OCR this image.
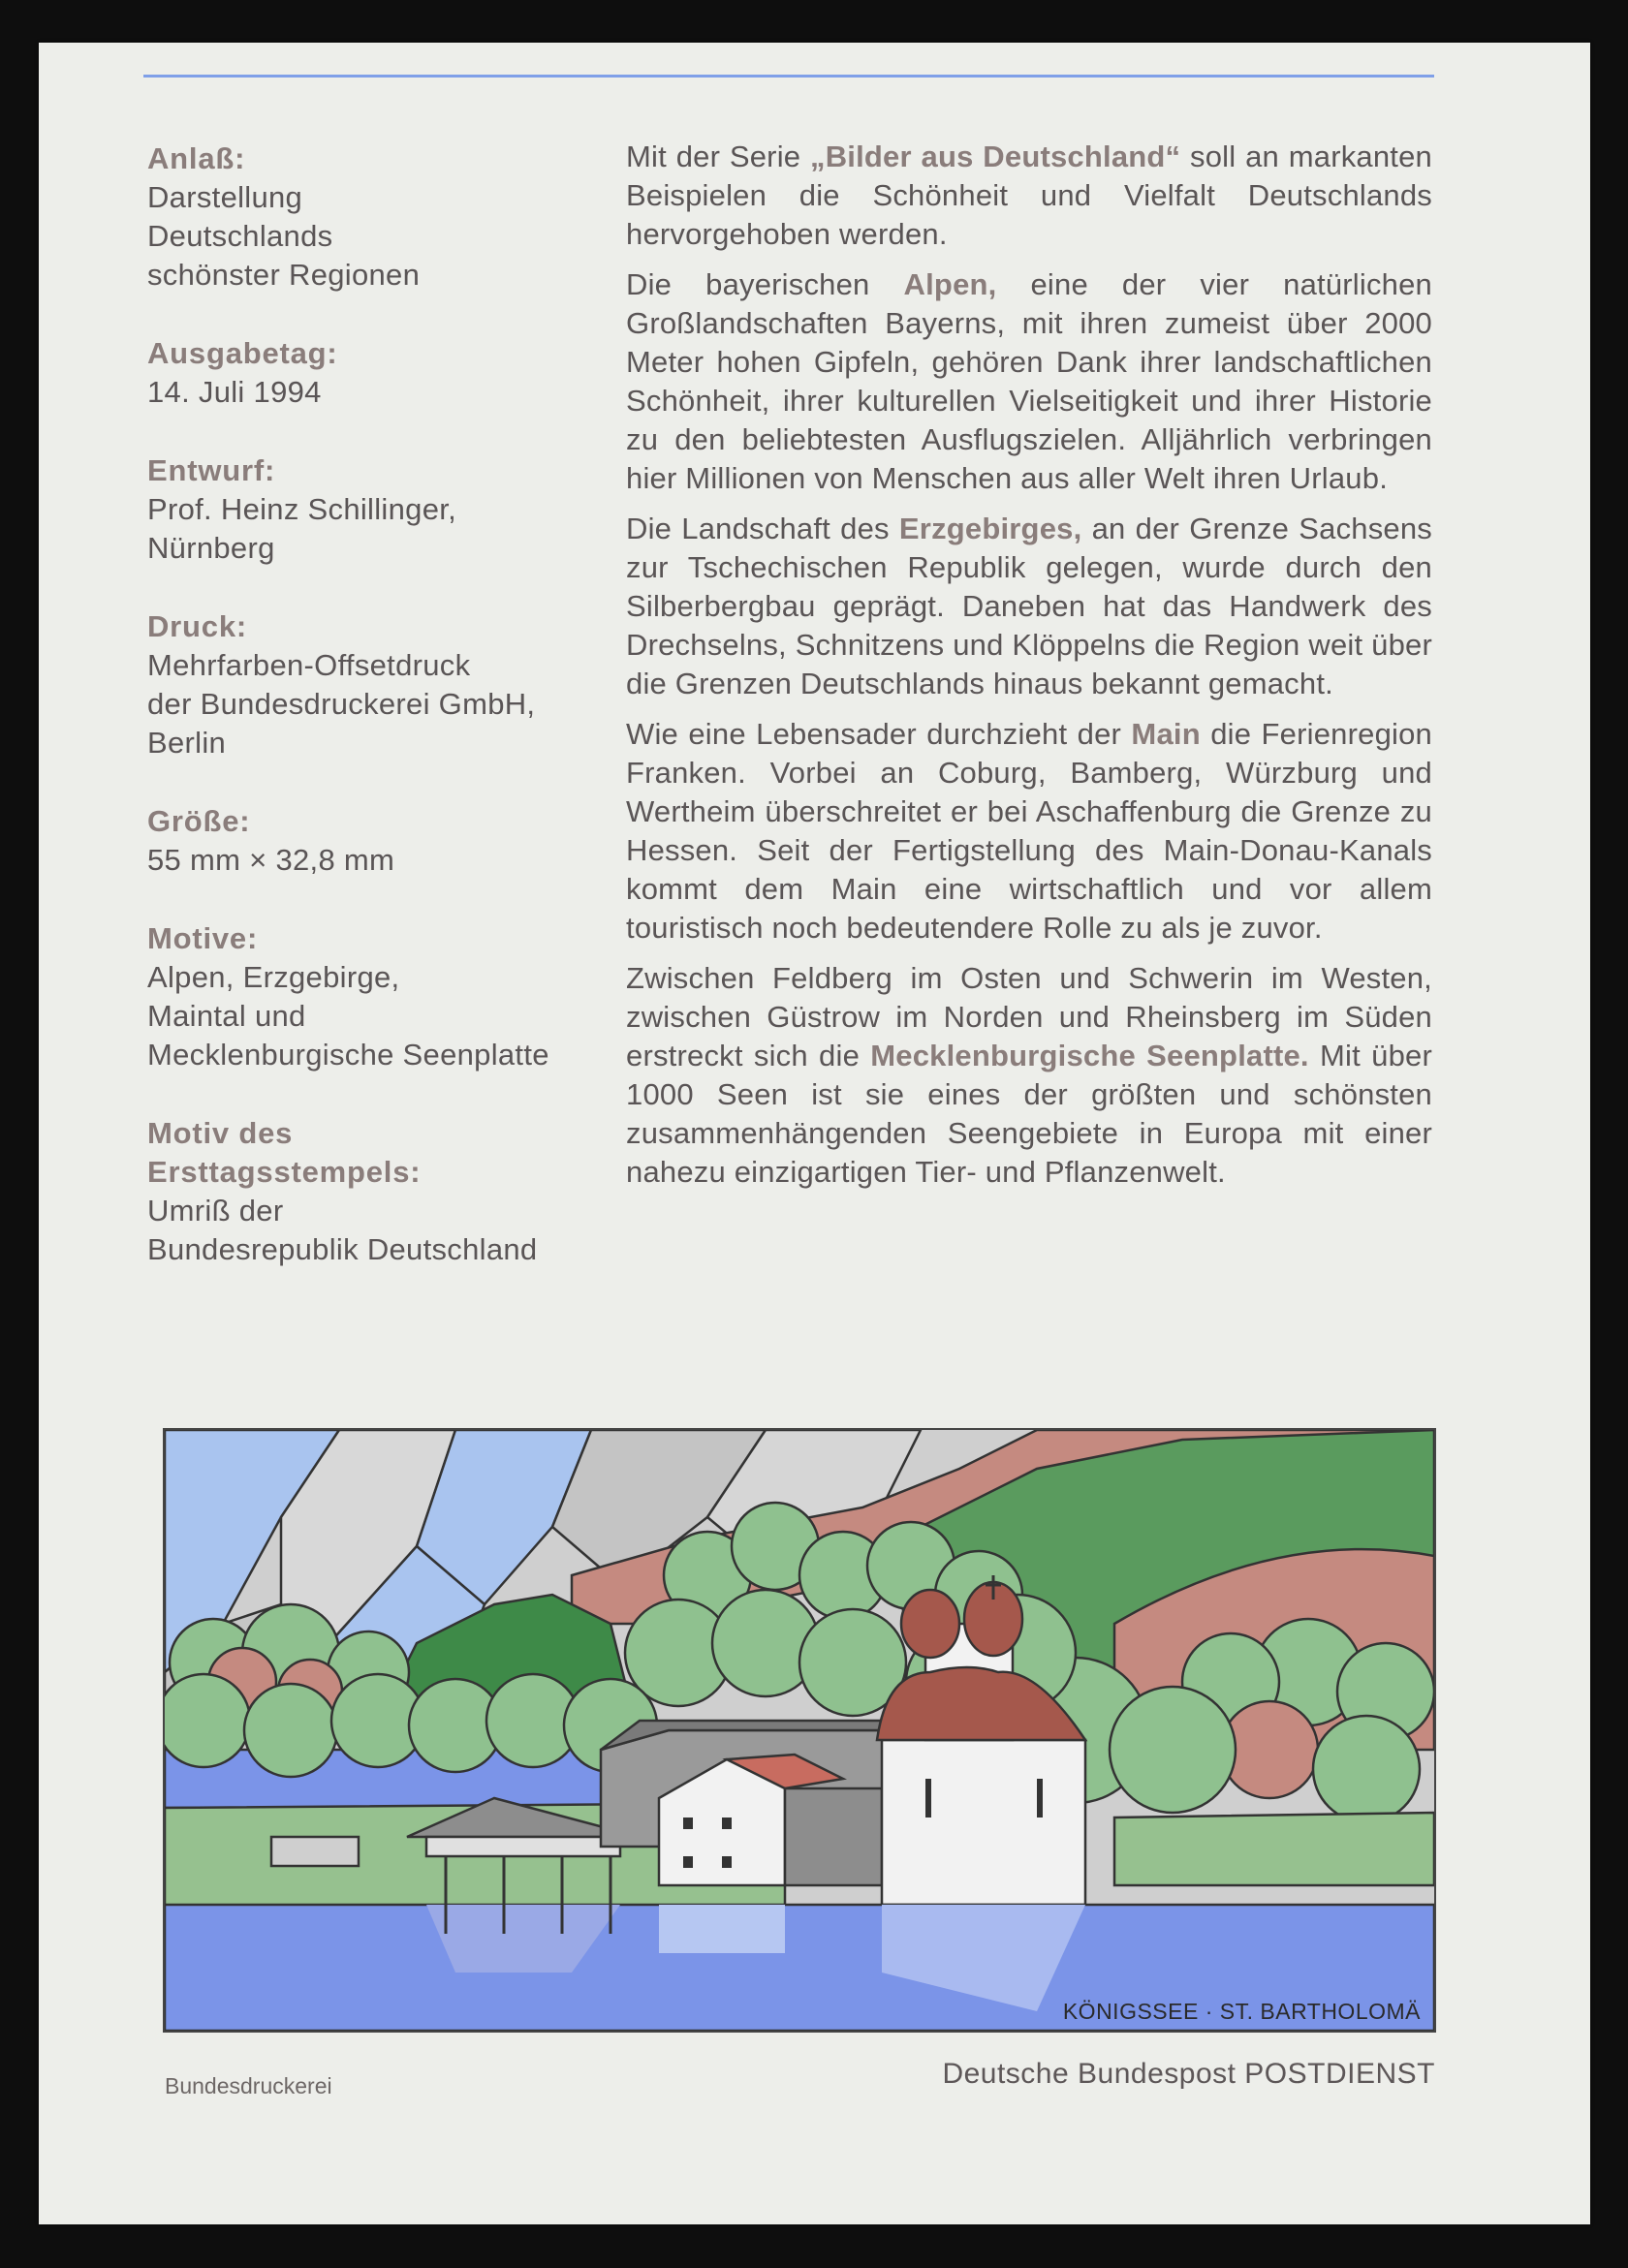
Anlaß:

Darstellung

Deutschlands

schönster Regionen

Ausgabetag:

14. Juli 1994

Entwurf:

Prof. Heinz Schillinger,

Nürnberg

Druck:

Mehrfarben-Offsetdruck

der Bundesdruckerei GmbH,

Berlin

Größe:

55 mm × 32,8 mm

Motive:

Alpen, Erzgebirge,

Maintal und

Mecklenburgische Seenplatte

Motiv des Ersttagsstempels:

Umriß der

Bundesrepublik Deutschland

Mit der Serie „Bilder aus Deutschland“ soll an markanten Beispielen die Schönheit und Vielfalt Deutschlands hervorgehoben werden.

Die bayerischen Alpen, eine der vier natürlichen Großlandschaften Bayerns, mit ihren zumeist über 2000 Meter hohen Gipfeln, gehören Dank ihrer landschaftlichen Schönheit, ihrer kulturellen Vielseitigkeit und ihrer Historie zu den beliebtesten Ausflugszielen. Alljährlich verbringen hier Millionen von Menschen aus aller Welt ihren Urlaub.

Die Landschaft des Erzgebirges, an der Grenze Sachsens zur Tschechischen Republik gelegen, wurde durch den Silberbergbau geprägt. Daneben hat das Handwerk des Drechselns, Schnitzens und Klöppelns die Region weit über die Grenzen Deutschlands hinaus bekannt gemacht.

Wie eine Lebensader durchzieht der Main die Ferienregion Franken. Vorbei an Coburg, Bamberg, Würzburg und Wertheim überschreitet er bei Aschaffenburg die Grenze zu Hessen. Seit der Fertigstellung des Main-Donau-Kanals kommt dem Main eine wirtschaftlich und vor allem touristisch noch bedeutendere Rolle zu als je zuvor.

Zwischen Feldberg im Osten und Schwerin im Westen, zwischen Güstrow im Norden und Rheinsberg im Süden erstreckt sich die Mecklenburgische Seenplatte. Mit über 1000 Seen ist sie eines der größten und schönsten zusammenhängenden Seengebiete in Europa mit einer nahezu einzigartigen Tier- und Pflanzenwelt.

KÖNIGSSEE · ST. BARTHOLOMÄ
Bundesdruckerei	Deutsche Bundespost POSTDIENST
